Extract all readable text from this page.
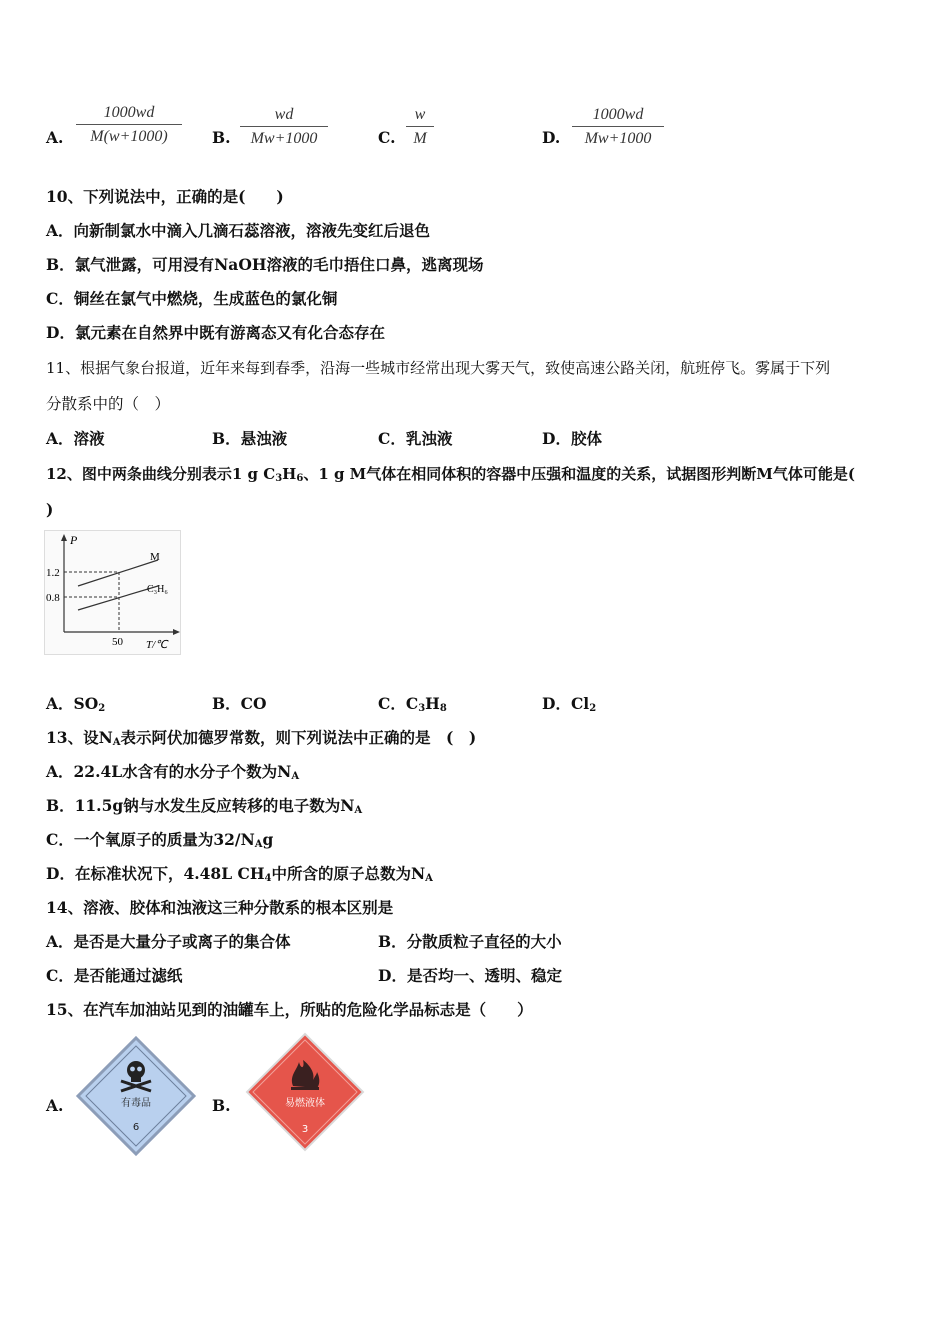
A. $\frac{1000wd}{M(w+1000)} B$. $\frac{wd}{Mw+1000}$	C. $\frac{w}{M}$	D. $\frac{1000wd}{Mw+1000}$
10、下列说法中，正确的是(　　)
A．向新制氯水中滴入几滴石蕊溶液，溶液先变红后退色
B．氯气泄露，可用浸有NaOH溶液的毛巾捂住口鼻，逃离现场
C．铜丝在氯气中燃烧，生成蓝色的氯化铜
D．氯元素在自然界中既有游离态又有化合态存在
11、根据气象台报道，近年来每到春季，沿海一些城市经常出现大雾天气，致使高速公路关闭，航班停飞。雾属于下列
分散系中的（　）
A．溶液	B．悬浊液	C．乳浊液	D．胶体
12、图中两条曲线分别表示1 g $C_3H_6$、1 g M气体在相同体积的容器中压强和温度的关系，试据图形判断M气体可能是(
)
P
T/℃
1.2
0.8
50
M
C₃H₆
A．$SO_2$	B．CO	C．$C_3H_8$	D．$Cl_2$
13、设$N_A$表示阿伏加德罗常数，则下列说法中正确的是　(　)
A．22.4L水含有的水分子个数为$N_A$
B．11.5g钠与水发生反应转移的电子数为$N_A$
C．一个氧原子的质量为$32/N_Ag$
D．在标准状况下，4.48L $CH_4$中所含的原子总数为$N_A$
14、溶液、胶体和浊液这三种分散系的根本区别是
A．是否是大量分子或离子的集合体	B．分散质粒子直径的大小
C．是否能通过滤纸	D．是否均一、透明、稳定
15、在汽车加油站见到的油罐车上，所贴的危险化学品标志是（　　）
A.	有毒品
6
B.	易燃液体
3
